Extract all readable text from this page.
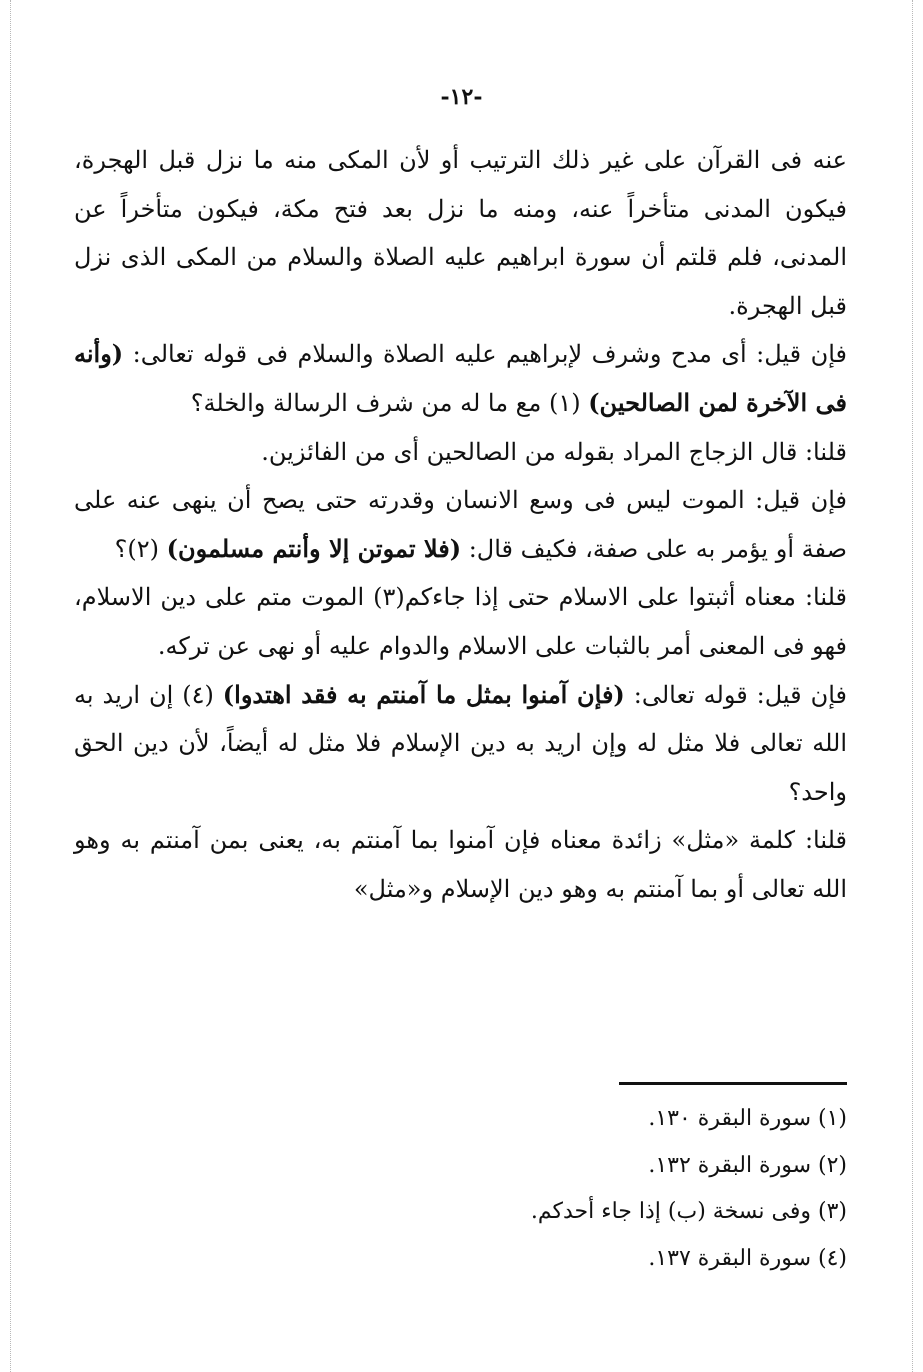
-١٢-

عنه فى القرآن على غير ذلك الترتيب أو لأن المكى منه ما نزل قبل الهجرة، فيكون المدنى متأخراً عنه، ومنه ما نزل بعد فتح مكة، فيكون متأخراً عن المدنى، فلم قلتم أن سورة ابراهيم عليه الصلاة والسلام من المكى الذى نزل قبل الهجرة.

فإن قيل: أى مدح وشرف لإبراهيم عليه الصلاة والسلام فى قوله تعالى: (وأنه فى الآخرة لمن الصالحين) (١) مع ما له من شرف الرسالة والخلة؟

قلنا: قال الزجاج المراد بقوله من الصالحين أى من الفائزين.

فإن قيل: الموت ليس فى وسع الانسان وقدرته حتى يصح أن ينهى عنه على صفة أو يؤمر به على صفة، فكيف قال: (فلا تموتن إلا وأنتم مسلمون) (٢)؟

قلنا: معناه أثبتوا على الاسلام حتى إذا جاءكم(٣) الموت متم على دين الاسلام، فهو فى المعنى أمر بالثبات على الاسلام والدوام عليه أو نهى عن تركه.

فإن قيل: قوله تعالى: (فإن آمنوا بمثل ما آمنتم به فقد اهتدوا) (٤) إن اريد به الله تعالى فلا مثل له وإن اريد به دين الإسلام فلا مثل له أيضاً، لأن دين الحق واحد؟

قلنا: كلمة «مثل» زائدة معناه فإن آمنوا بما آمنتم به، يعنى بمن آمنتم به وهو الله تعالى أو بما آمنتم به وهو دين الإسلام و«مثل»

(١) سورة البقرة ١٣٠.
(٢) سورة البقرة ١٣٢.
(٣) وفى نسخة (ب) إذا جاء أحدكم.
(٤) سورة البقرة ١٣٧.
